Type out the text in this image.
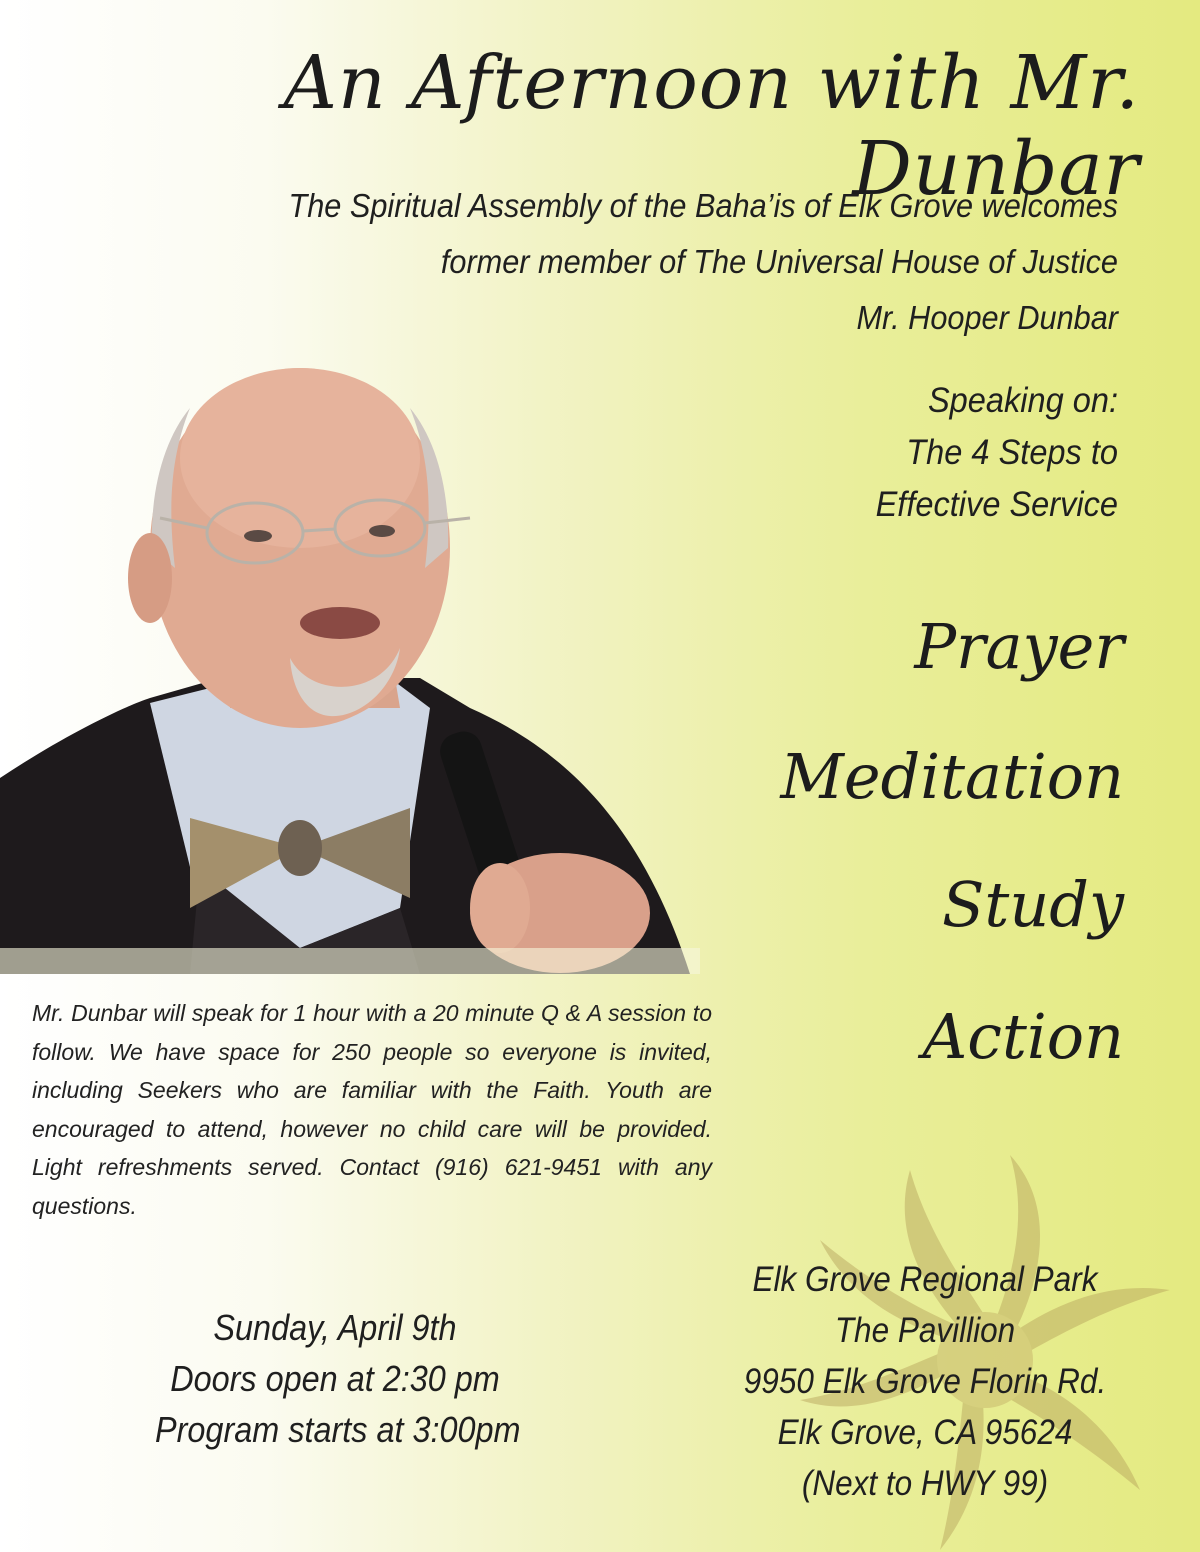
An Afternoon with Mr. Dunbar
The Spiritual Assembly of the Baha’is of Elk Grove welcomes
former member of The Universal House of Justice
Mr. Hooper Dunbar
Speaking on:
The 4 Steps to
Effective Service
Prayer
Meditation
Study
Action
Mr. Dunbar will speak for 1 hour with a 20 minute Q & A session to follow. We have space for 250 people so everyone is invited, including Seekers who are familiar with the Faith. Youth are encouraged to attend, however no child care will be provided. Light refreshments served. Contact (916) 621-9451 with any questions.
Sunday, April 9th
Doors open at 2:30 pm
Program starts at 3:00pm
Elk Grove Regional Park
The Pavillion
9950 Elk Grove Florin Rd.
Elk Grove, CA 95624
(Next to HWY 99)
